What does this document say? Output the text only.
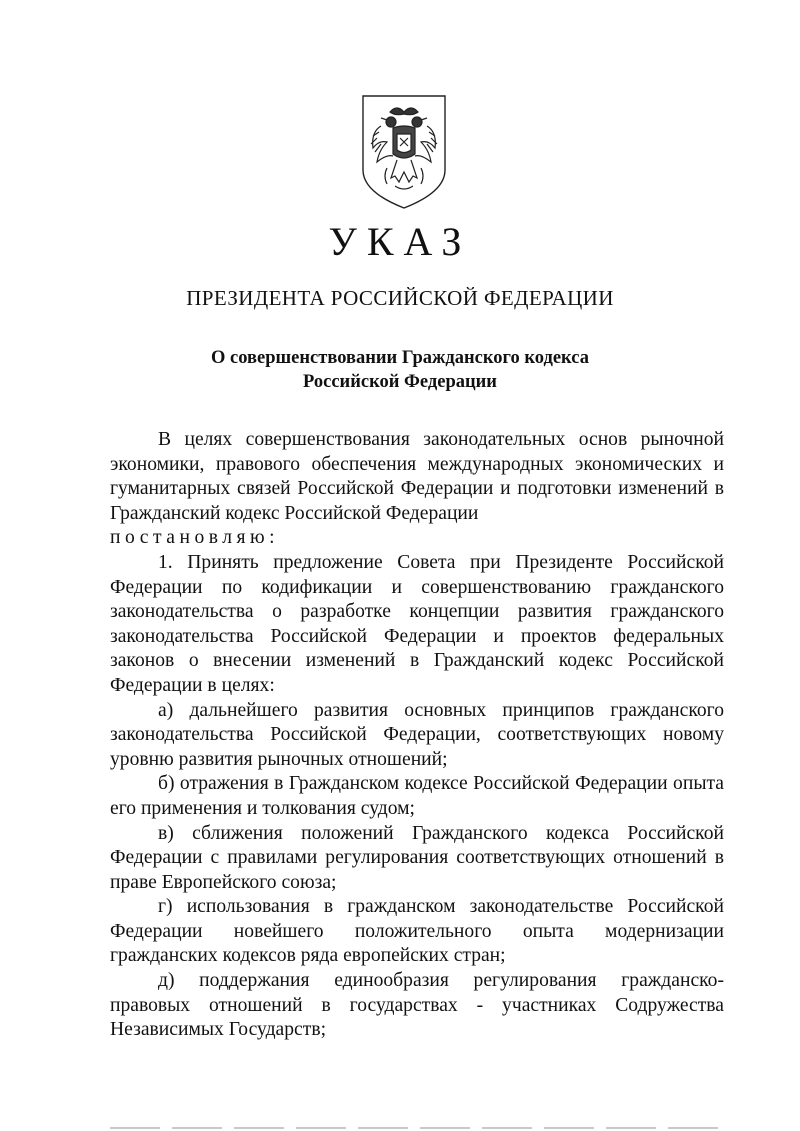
УКАЗ
ПРЕЗИДЕНТА РОССИЙСКОЙ ФЕДЕРАЦИИ
О совершенствовании Гражданского кодекса
Российской Федерации

В целях совершенствования законодательных основ рыночной экономики, правового обеспечения международных экономических и гуманитарных связей Российской Федерации и подготовки изменений в Гражданский кодекс Российской Федерации

постановляю:

1. Принять предложение Совета при Президенте Российской Федерации по кодификации и совершенствованию гражданского законодательства о разработке концепции развития гражданского законодательства Российской Федерации и проектов федеральных законов о внесении изменений в Гражданский кодекс Российской Федерации в целях:

а) дальнейшего развития основных принципов гражданского законодательства Российской Федерации, соответствующих новому уровню развития рыночных отношений;

б) отражения в Гражданском кодексе Российской Федерации опыта его применения и толкования судом;

в) сближения положений Гражданского кодекса Российской Федерации с правилами регулирования соответствующих отношений в праве Европейского союза;

г) использования в гражданском законодательстве Российской Федерации новейшего положительного опыта модернизации гражданских кодексов ряда европейских стран;

д) поддержания единообразия регулирования гражданско-правовых отношений в государствах - участниках Содружества Независимых Государств;
